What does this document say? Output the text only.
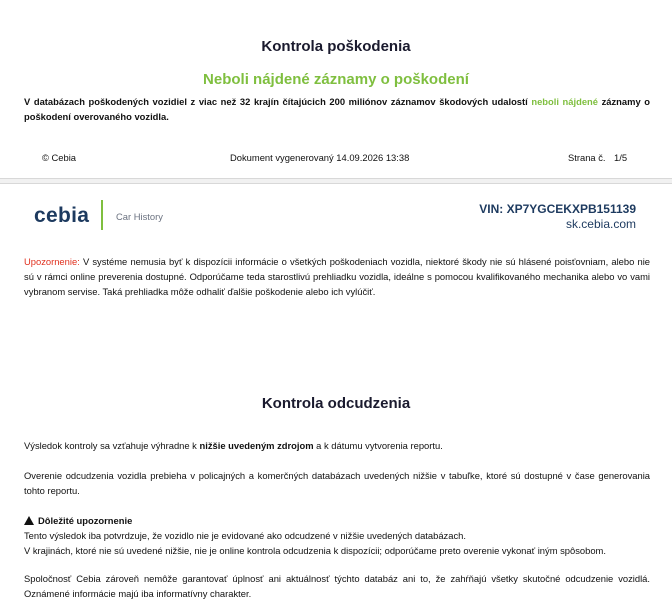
Kontrola poškodenia
Neboli nájdené záznamy o poškodení
V databázach poškodených vozidiel z viac než 32 krajín čítajúcich 200 miliónov záznamov škodových udalostí neboli nájdené záznamy o poškodení overovaného vozidla.
© Cebia	Dokument vygenerovaný 14.09.2026 13:38	Strana č. 1/5
cebia	Car History
VIN: XP7YGCEKXPB151139
sk.cebia.com
Upozornenie: V systéme nemusia byť k dispozícii informácie o všetkých poškodeniach vozidla, niektoré škody nie sú hlásené poisťovniam, alebo nie sú v rámci online preverenia dostupné. Odporúčame teda starostlivú prehliadku vozidla, ideálne s pomocou kvalifikovaného mechanika alebo vo vami vybranom servise. Taká prehliadka môže odhaliť ďalšie poškodenie alebo ich vylúčiť.
Kontrola odcudzenia
Výsledok kontroly sa vzťahuje výhradne k nižšie uvedeným zdrojom a k dátumu vytvorenia reportu.
Overenie odcudzenia vozidla prebieha v policajných a komerčných databázach uvedených nižšie v tabuľke, ktoré sú dostupné v čase generovania tohto reportu.
Dôležité upozornenie
Tento výsledok iba potvrdzuje, že vozidlo nie je evidované ako odcudzené v nižšie uvedených databázach.
V krajinách, ktoré nie sú uvedené nižšie, nie je online kontrola odcudzenia k dispozícii; odporúčame preto overenie vykonať iným spôsobom.
Spoločnosť Cebia zároveň nemôže garantovať úplnosť ani aktuálnosť týchto databáz ani to, že zahŕňajú všetky skutočné odcudzenie vozidlá. Oznámené informácie majú iba informatívny charakter.
